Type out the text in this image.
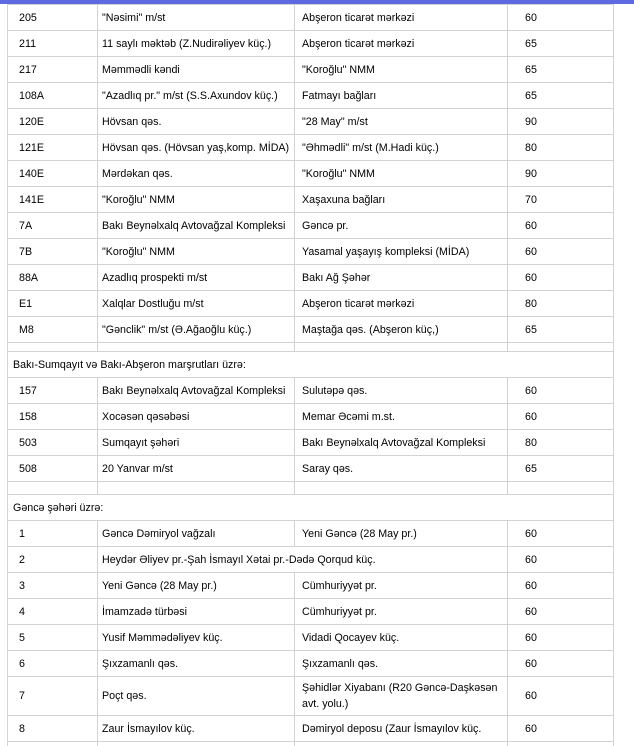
205	"Nəsimi" m/st	Abşeron ticarət mərkəzi	60
211	11 saylı məktəb (Z.Nudirəliyev küç.)	Abşeron ticarət mərkəzi	65
217	Məmmədli kəndi	"Koroğlu" NMM	65
108A	"Azadlıq pr." m/st (S.S.Axundov küç.)	Fatmayı bağları	65
120E	Hövsan qəs.	"28 May" m/st	90
121E	Hövsan qəs. (Hövsan yaş,komp. MİDA)	"Əhmədli" m/st (M.Hadi küç.)	80
140E	Mərdəkan qəs.	"Koroğlu" NMM	90
141E	"Koroğlu" NMM	Xaşaxuna bağları	70
7A	Bakı Beynəlxalq Avtovağzal Kompleksi	Gəncə pr.	60
7B	"Koroğlu" NMM	Yasamal yaşayış kompleksi (MİDA)	60
88A	Azadlıq prospekti m/st	Bakı Ağ Şəhər	60
E1	Xalqlar Dostluğu m/st	Abşeron ticarət mərkəzi	80
M8	"Gənclik" m/st (Ə.Ağaoğlu küç.)	Maştağa qəs. (Abşeron küç,)	65

Bakı-Sumqayıt və Bakı-Abşeron marşrutları üzrə:			
157	Bakı Beynəlxalq Avtovağzal Kompleksi	Sulutəpə qəs.	60
158	Xocəsən qəsəbəsi	Memar Əcəmi m.st.	60
503	Sumqayıt şəhəri	Bakı Beynəlxalq Avtovağzal Kompleksi	80
508	20 Yanvar m/st	Saray qəs.	65

Gəncə şəhəri üzrə:			
1	Gəncə Dəmiryol vağzalı	Yeni Gəncə (28 May pr.)	60
2	Heydər Əliyev pr.-Şah İsmayıl Xətai pr.-Dədə Qorqud küç.		60
3	Yeni Gəncə (28 May pr.)	Cümhuriyyət pr.	60
4	İmamzadə türbəsi	Cümhuriyyət pr.	60
5	Yusif Məmmədəliyev küç.	Vidadi Qocayev küç.	60
6	Şıxzamanlı qəs.	Şıxzamanlı qəs.	60
7	Poçt qəs.	Şəhidlər Xiyabanı (R20 Gəncə-Daşkəsən avt. yolu.)	60
8	Zaur İsmayılov küç.	Dəmiryol deposu (Zaur İsmayılov küç.	60
